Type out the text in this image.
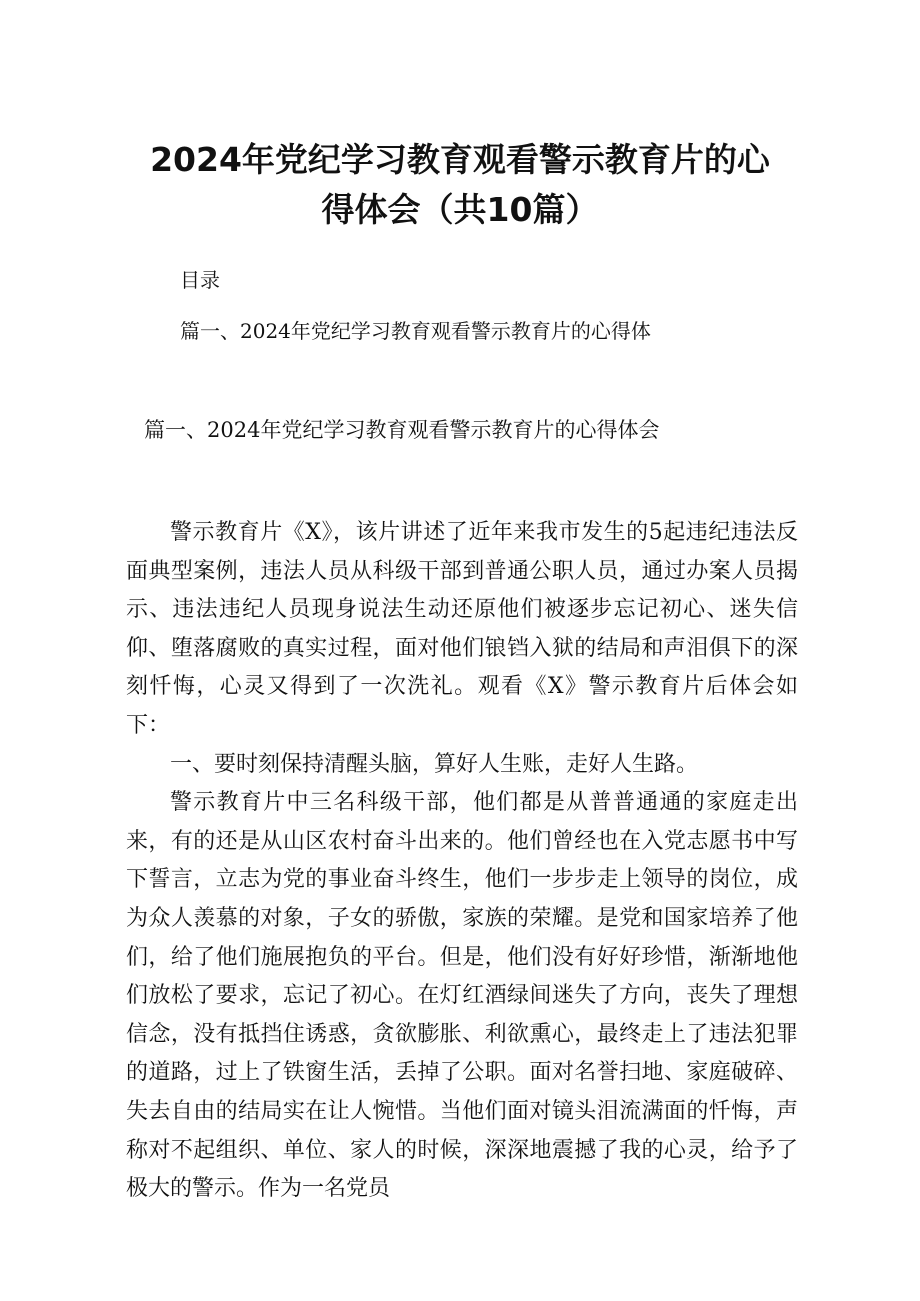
2024年党纪学习教育观看警示教育片的心
得体会（共10篇）
目录
篇一、2024年党纪学习教育观看警示教育片的心得体
篇一、2024年党纪学习教育观看警示教育片的心得体会

警示教育片《X》，该片讲述了近年来我市发生的5起违纪违法反面典型案例，违法人员从科级干部到普通公职人员，通过办案人员揭示、违法违纪人员现身说法生动还原他们被逐步忘记初心、迷失信仰、堕落腐败的真实过程，面对他们锒铛入狱的结局和声泪俱下的深刻忏悔，心灵又得到了一次洗礼。观看《X》警示教育片后体会如下：

一、要时刻保持清醒头脑，算好人生账，走好人生路。

警示教育片中三名科级干部，他们都是从普普通通的家庭走出来，有的还是从山区农村奋斗出来的。他们曾经也在入党志愿书中写下誓言，立志为党的事业奋斗终生，他们一步步走上领导的岗位，成为众人羡慕的对象，子女的骄傲，家族的荣耀。是党和国家培养了他们，给了他们施展抱负的平台。但是，他们没有好好珍惜，渐渐地他们放松了要求，忘记了初心。在灯红酒绿间迷失了方向，丧失了理想信念，没有抵挡住诱惑，贪欲膨胀、利欲熏心，最终走上了违法犯罪的道路，过上了铁窗生活，丢掉了公职。面对名誉扫地、家庭破碎、失去自由的结局实在让人惋惜。当他们面对镜头泪流满面的忏悔，声称对不起组织、单位、家人的时候，深深地震撼了我的心灵，给予了极大的警示。作为一名党员
